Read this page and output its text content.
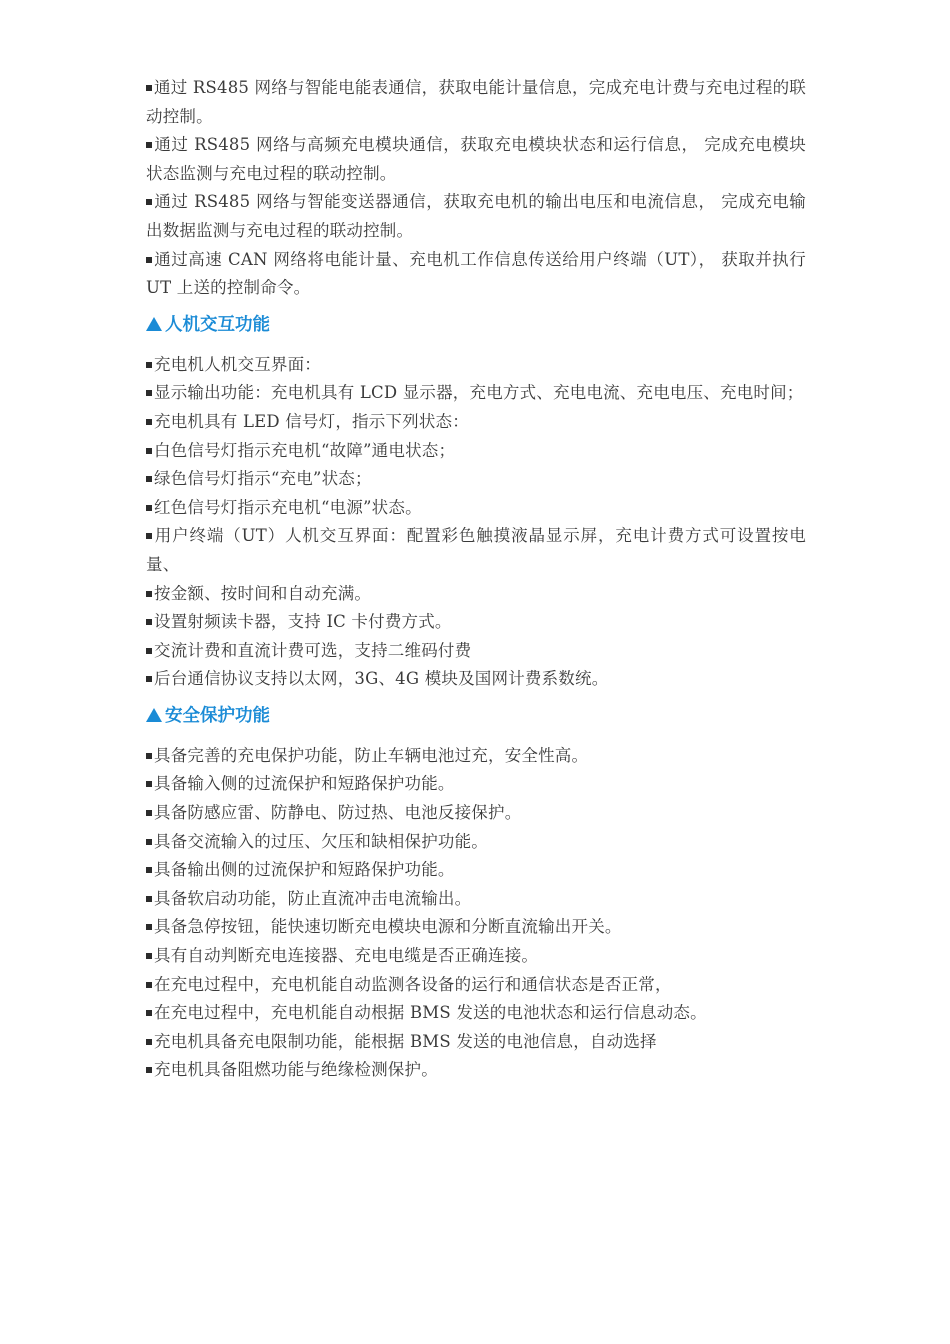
通过 RS485 网络与智能电能表通信，获取电能计量信息，完成充电计费与充电过程的联动控制。

通过 RS485 网络与高频充电模块通信，获取充电模块状态和运行信息， 完成充电模块状态监测与充电过程的联动控制。

通过 RS485 网络与智能变送器通信，获取充电机的输出电压和电流信息， 完成充电输出数据监测与充电过程的联动控制。

通过高速 CAN 网络将电能计量、充电机工作信息传送给用户终端（UT）， 获取并执行 UT 上送的控制命令。

人机交互功能

充电机人机交互界面：

显示输出功能：充电机具有 LCD 显示器，充电方式、充电电流、充电电压、充电时间；

充电机具有 LED 信号灯，指示下列状态：

白色信号灯指示充电机“故障”通电状态；

绿色信号灯指示“充电”状态；

红色信号灯指示充电机“电源”状态。

用户终端（UT）人机交互界面：配置彩色触摸液晶显示屏，充电计费方式可设置按电量、

按金额、按时间和自动充满。

设置射频读卡器，支持 IC 卡付费方式。

交流计费和直流计费可选，支持二维码付费

后台通信协议支持以太网，3G、4G 模块及国网计费系数统。

安全保护功能

具备完善的充电保护功能，防止车辆电池过充，安全性高。

具备输入侧的过流保护和短路保护功能。

具备防感应雷、防静电、防过热、电池反接保护。

具备交流输入的过压、欠压和缺相保护功能。

具备输出侧的过流保护和短路保护功能。

具备软启动功能，防止直流冲击电流输出。

具备急停按钮，能快速切断充电模块电源和分断直流输出开关。

具有自动判断充电连接器、充电电缆是否正确连接。

在充电过程中，充电机能自动监测各设备的运行和通信状态是否正常，

在充电过程中，充电机能自动根据 BMS 发送的电池状态和运行信息动态。

充电机具备充电限制功能，能根据 BMS 发送的电池信息，自动选择

充电机具备阻燃功能与绝缘检测保护。
